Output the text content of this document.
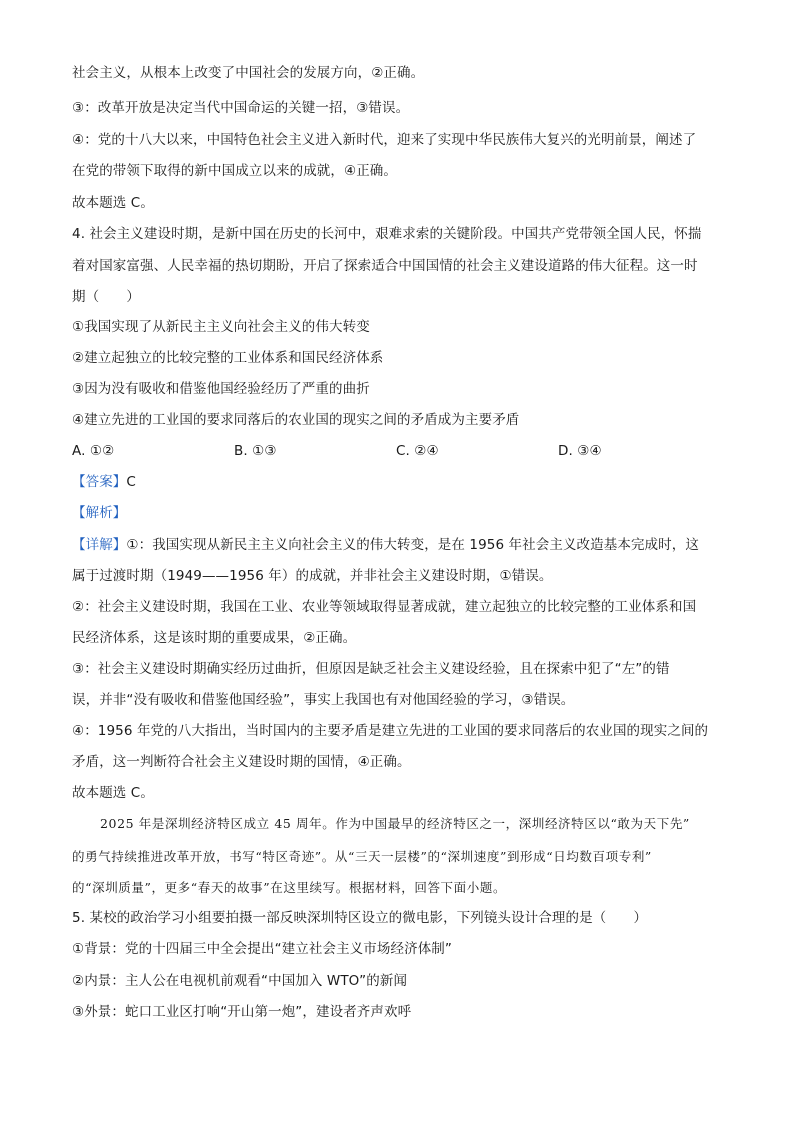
社会主义，从根本上改变了中国社会的发展方向，②正确。
③：改革开放是决定当代中国命运的关键一招，③错误。
④：党的十八大以来，中国特色社会主义进入新时代，迎来了实现中华民族伟大复兴的光明前景，阐述了
在党的带领下取得的新中国成立以来的成就，④正确。
故本题选 C。
4. 社会主义建设时期，是新中国在历史的长河中，艰难求索的关键阶段。中国共产党带领全国人民，怀揣
着对国家富强、人民幸福的热切期盼，开启了探索适合中国国情的社会主义建设道路的伟大征程。这一时
期（　　）
①我国实现了从新民主主义向社会主义的伟大转变
②建立起独立的比较完整的工业体系和国民经济体系
③因为没有吸收和借鉴他国经验经历了严重的曲折
④建立先进的工业国的要求同落后的农业国的现实之间的矛盾成为主要矛盾
A. ①②	B. ①③	C. ②④	D. ③④
【答案】C
【解析】
【详解】①：我国实现从新民主主义向社会主义的伟大转变，是在 1956 年社会主义改造基本完成时，这
属于过渡时期（1949——1956 年）的成就，并非社会主义建设时期，①错误。
②：社会主义建设时期，我国在工业、农业等领域取得显著成就，建立起独立的比较完整的工业体系和国
民经济体系，这是该时期的重要成果，②正确。
③：社会主义建设时期确实经历过曲折，但原因是缺乏社会主义建设经验，且在探索中犯了“左”的错
误，并非“没有吸收和借鉴他国经验”，事实上我国也有对他国经验的学习，③错误。
④：1956 年党的八大指出，当时国内的主要矛盾是建立先进的工业国的要求同落后的农业国的现实之间的
矛盾，这一判断符合社会主义建设时期的国情，④正确。
故本题选 C。
2025 年是深圳经济特区成立 45 周年。作为中国最早的经济特区之一，深圳经济特区以“敢为天下先”
的勇气持续推进改革开放，书写“特区奇迹”。从“三天一层楼”的“深圳速度”到形成“日均数百项专利”
的“深圳质量”，更多“春天的故事”在这里续写。根据材料，回答下面小题。
5. 某校的政治学习小组要拍摄一部反映深圳特区设立的微电影，下列镜头设计合理的是（　　）
①背景：党的十四届三中全会提出“建立社会主义市场经济体制”
②内景：主人公在电视机前观看“中国加入 WTO”的新闻
③外景：蛇口工业区打响“开山第一炮”，建设者齐声欢呼
